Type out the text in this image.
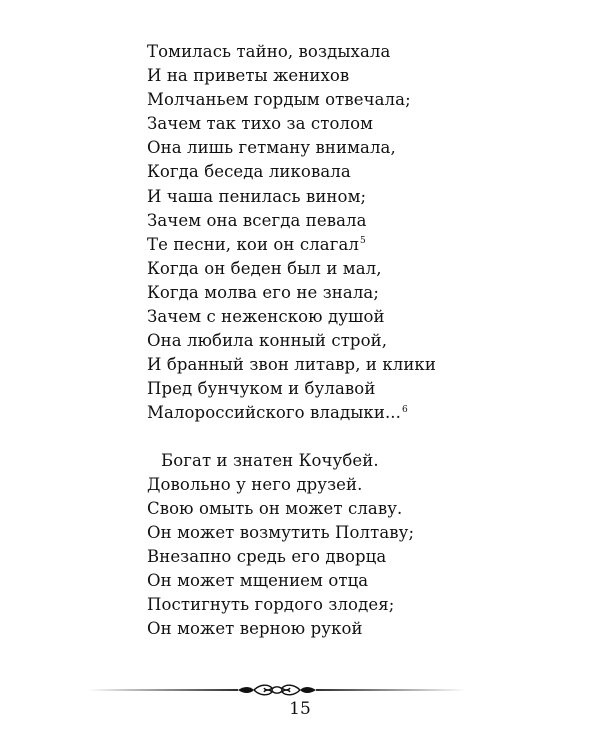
Томилась тайно, воздыхала
И на приветы женихов
Молчаньем гордым отвечала;
Зачем так тихо за столом
Она лишь гетману внимала,
Когда беседа ликовала
И чаша пенилась вином;
Зачем она всегда певала
Те песни, кои он слагал$^5$
Когда он беден был и мал,
Когда молва его не знала;
Зачем с неженскою душой
Она любила конный строй,
И бранный звон литавр, и клики
Пред бунчуком и булавой
Малороссийского владыки...$^6$
Богат и знатен Кочубей.
Довольно у него друзей.
Свою омыть он может славу.
Он может возмутить Полтаву;
Внезапно средь его дворца
Он может мщением отца
Постигнуть гордого злодея;
Он может верною рукой
15
